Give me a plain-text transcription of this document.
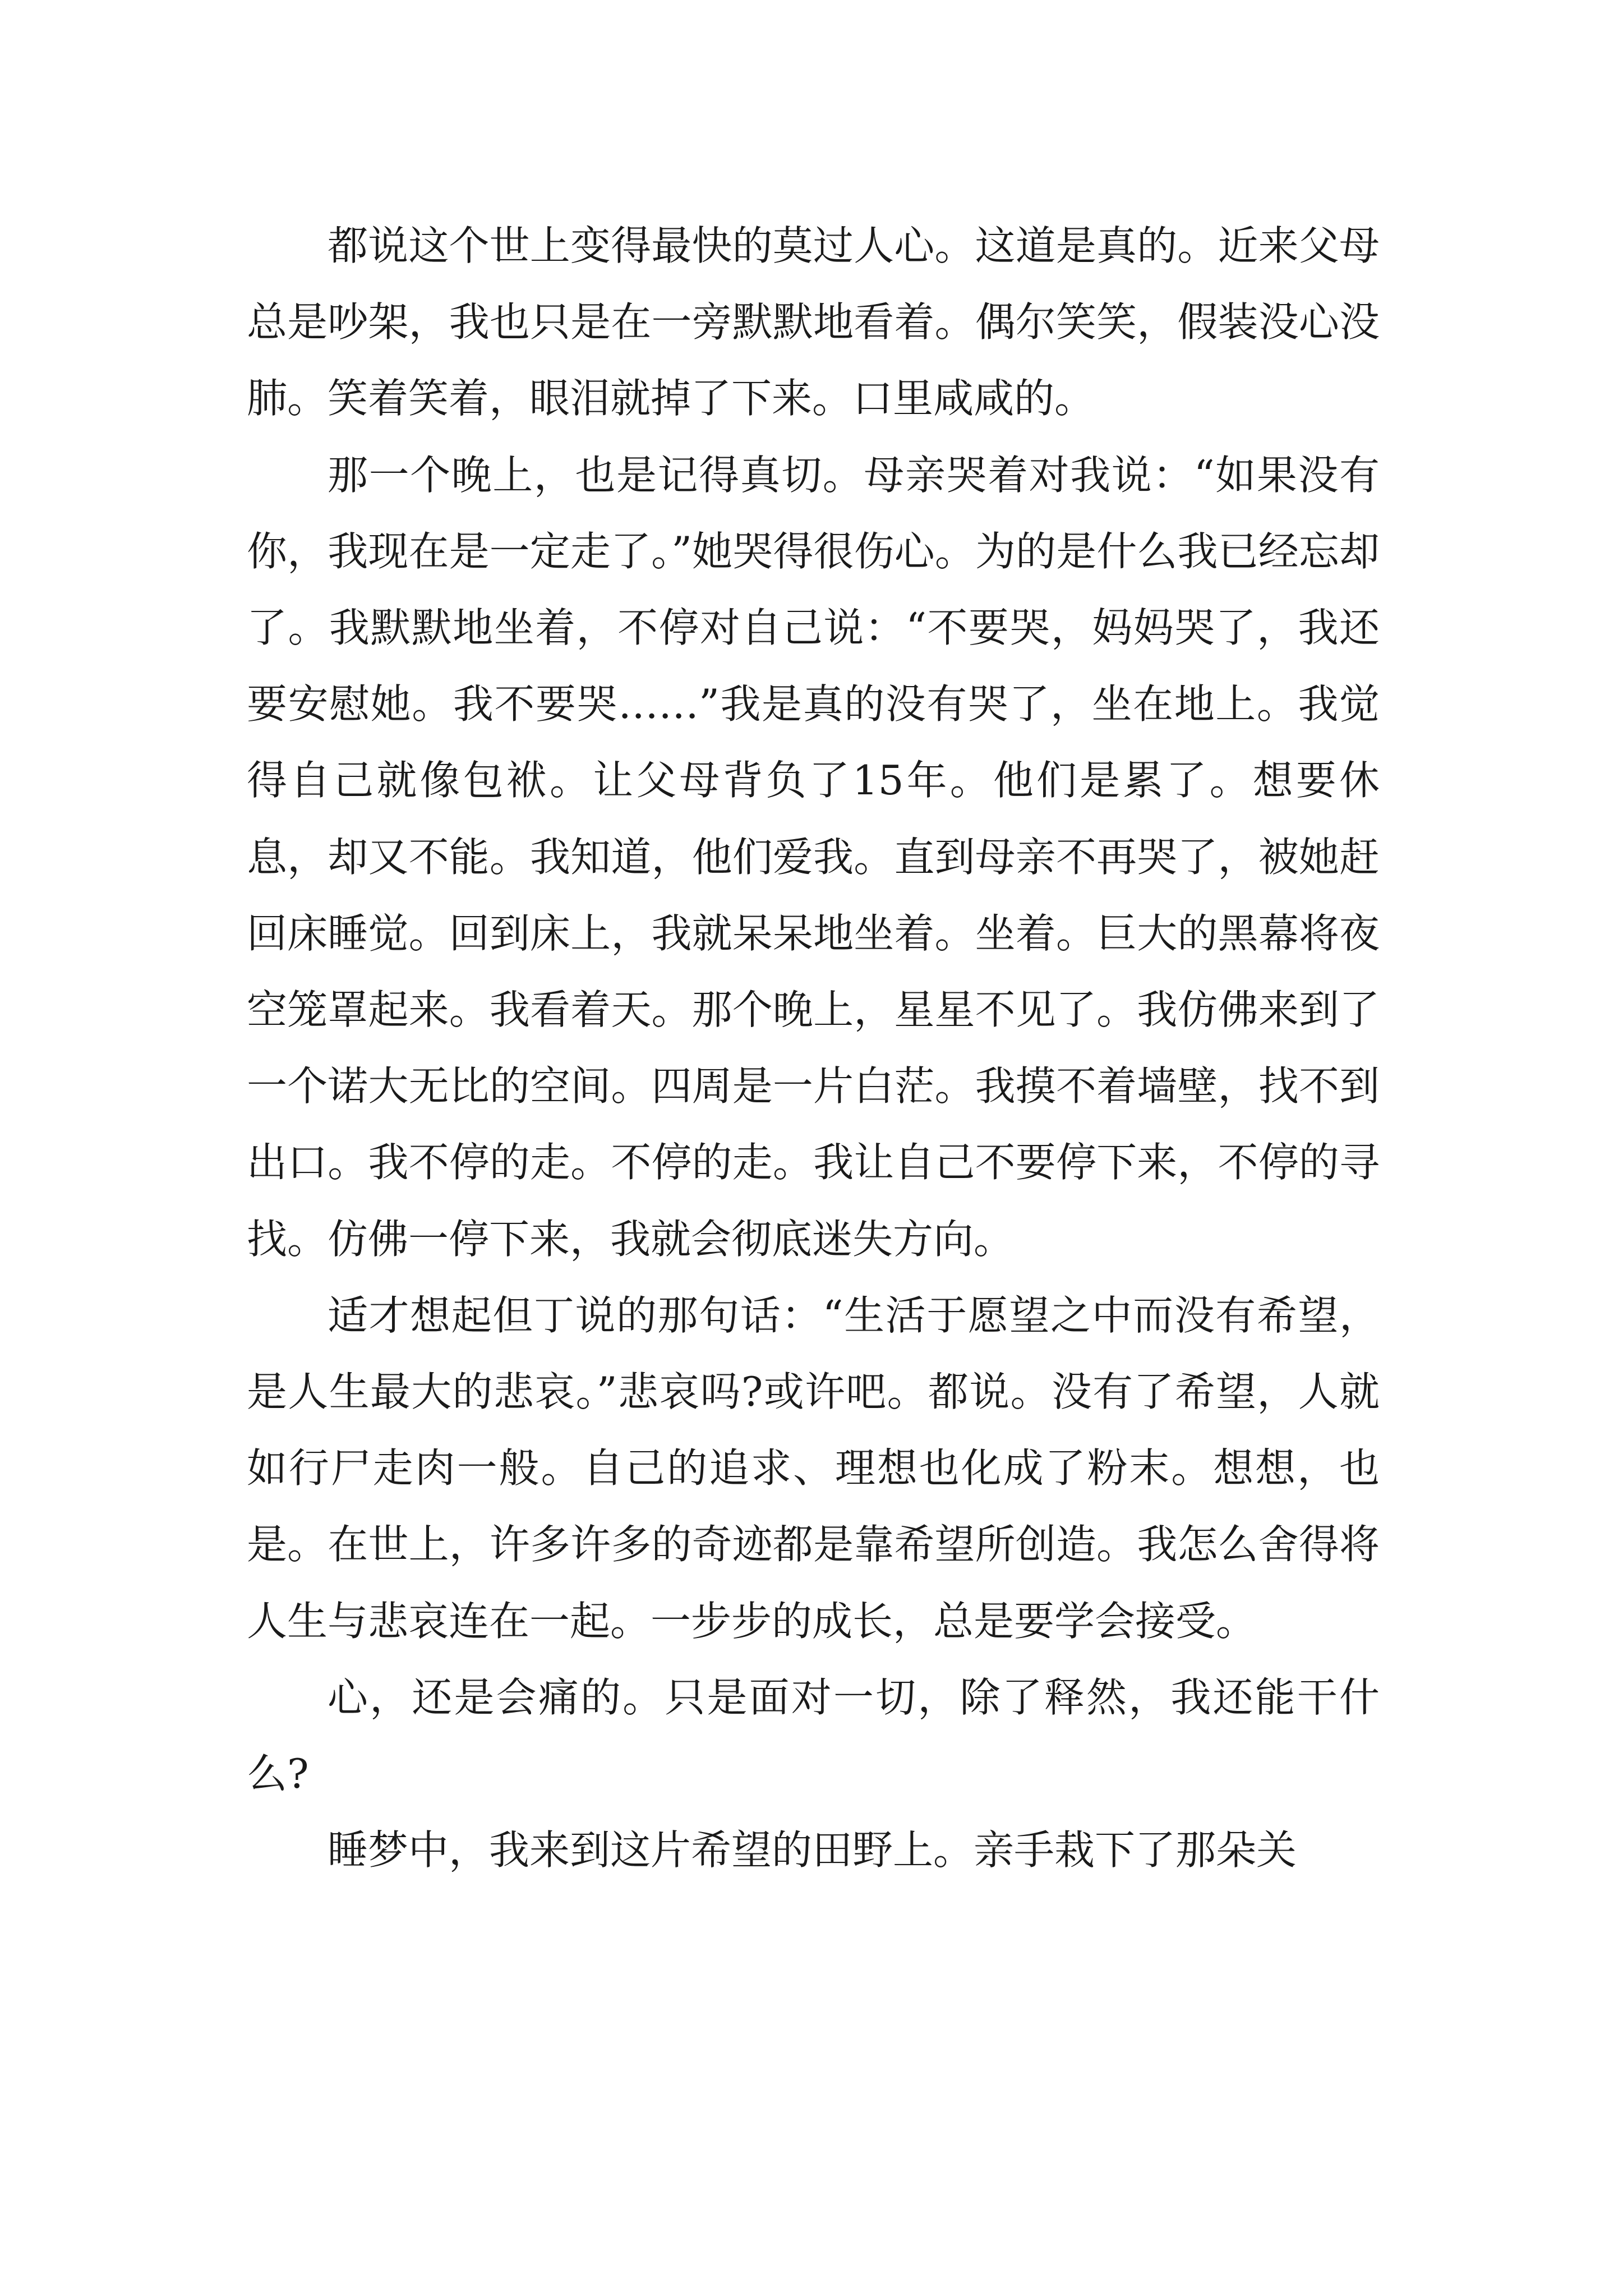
都说这个世上变得最快的莫过人心。这道是真的。近来父母总是吵架，我也只是在一旁默默地看着。偶尔笑笑，假装没心没肺。笑着笑着，眼泪就掉了下来。口里咸咸的。

那一个晚上，也是记得真切。母亲哭着对我说：“如果没有你，我现在是一定走了。”她哭得很伤心。为的是什么我已经忘却了。我默默地坐着，不停对自己说：“不要哭，妈妈哭了，我还要安慰她。我不要哭……”我是真的没有哭了，坐在地上。我觉得自己就像包袱。让父母背负了15年。他们是累了。想要休息，却又不能。我知道，他们爱我。直到母亲不再哭了，被她赶回床睡觉。回到床上，我就呆呆地坐着。坐着。巨大的黑幕将夜空笼罩起来。我看着天。那个晚上，星星不见了。我仿佛来到了一个诺大无比的空间。四周是一片白茫。我摸不着墙壁，找不到出口。我不停的走。不停的走。我让自己不要停下来，不停的寻找。仿佛一停下来，我就会彻底迷失方向。

适才想起但丁说的那句话：“生活于愿望之中而没有希望，是人生最大的悲哀。”悲哀吗?或许吧。都说。没有了希望，人就如行尸走肉一般。自己的追求、理想也化成了粉末。想想，也是。在世上，许多许多的奇迹都是靠希望所创造。我怎么舍得将人生与悲哀连在一起。一步步的成长，总是要学会接受。

心，还是会痛的。只是面对一切，除了释然，我还能干什么?

睡梦中，我来到这片希望的田野上。亲手栽下了那朵关
